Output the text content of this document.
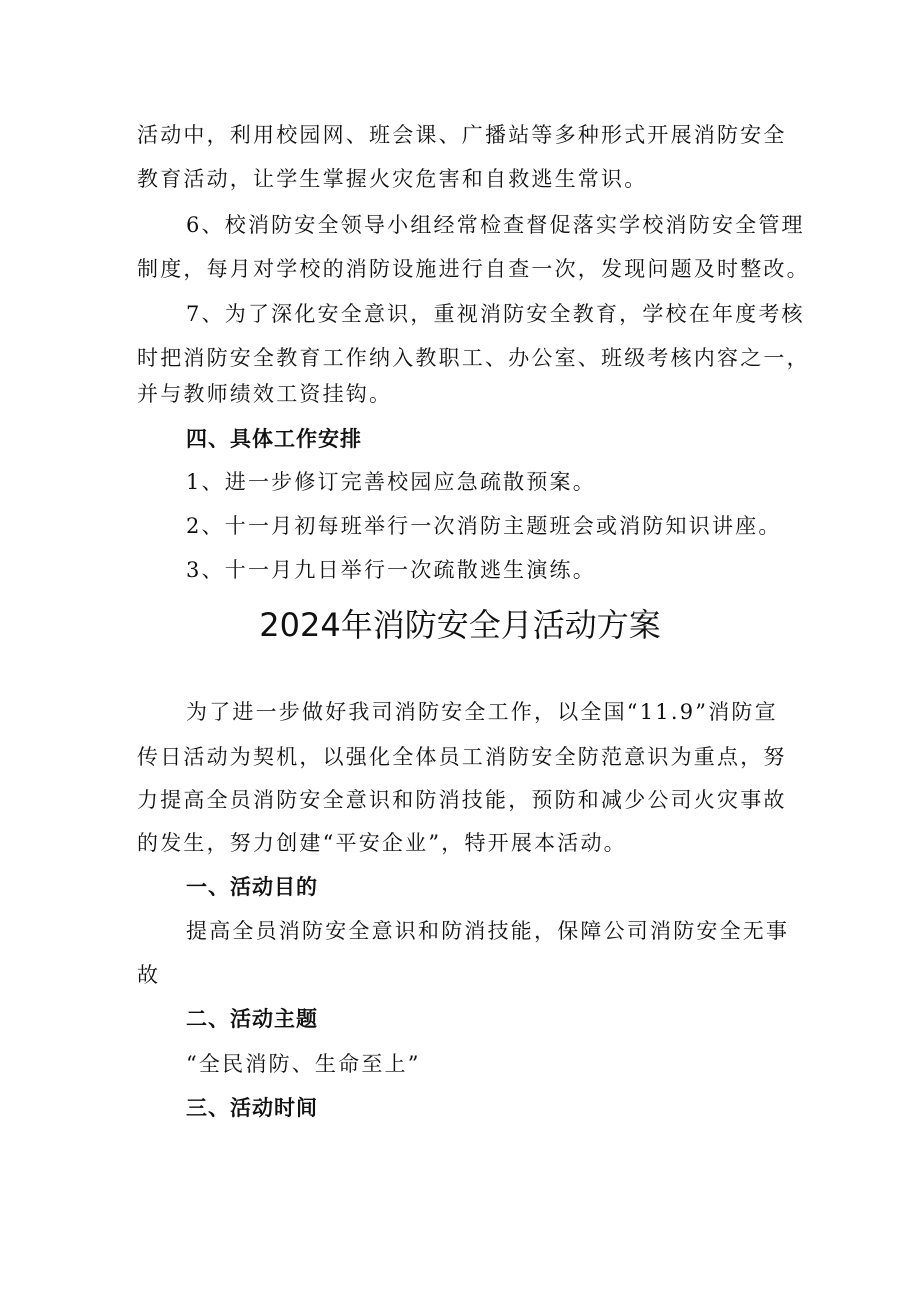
活动中，利用校园网、班会课、广播站等多种形式开展消防安全
教育活动，让学生掌握火灾危害和自救逃生常识。
6、校消防安全领导小组经常检查督促落实学校消防安全管理
制度，每月对学校的消防设施进行自查一次，发现问题及时整改。
7、为了深化安全意识，重视消防安全教育，学校在年度考核
时把消防安全教育工作纳入教职工、办公室、班级考核内容之一，
并与教师绩效工资挂钩。
四、具体工作安排
1、进一步修订完善校园应急疏散预案。
2、十一月初每班举行一次消防主题班会或消防知识讲座。
3、十一月九日举行一次疏散逃生演练。
2024年消防安全月活动方案
为了进一步做好我司消防安全工作，以全国“11.9”消防宣
传日活动为契机，以强化全体员工消防安全防范意识为重点，努
力提高全员消防安全意识和防消技能，预防和减少公司火灾事故
的发生，努力创建“平安企业”，特开展本活动。
一、活动目的
提高全员消防安全意识和防消技能，保障公司消防安全无事
故
二、活动主题
“全民消防、生命至上”
三、活动时间
